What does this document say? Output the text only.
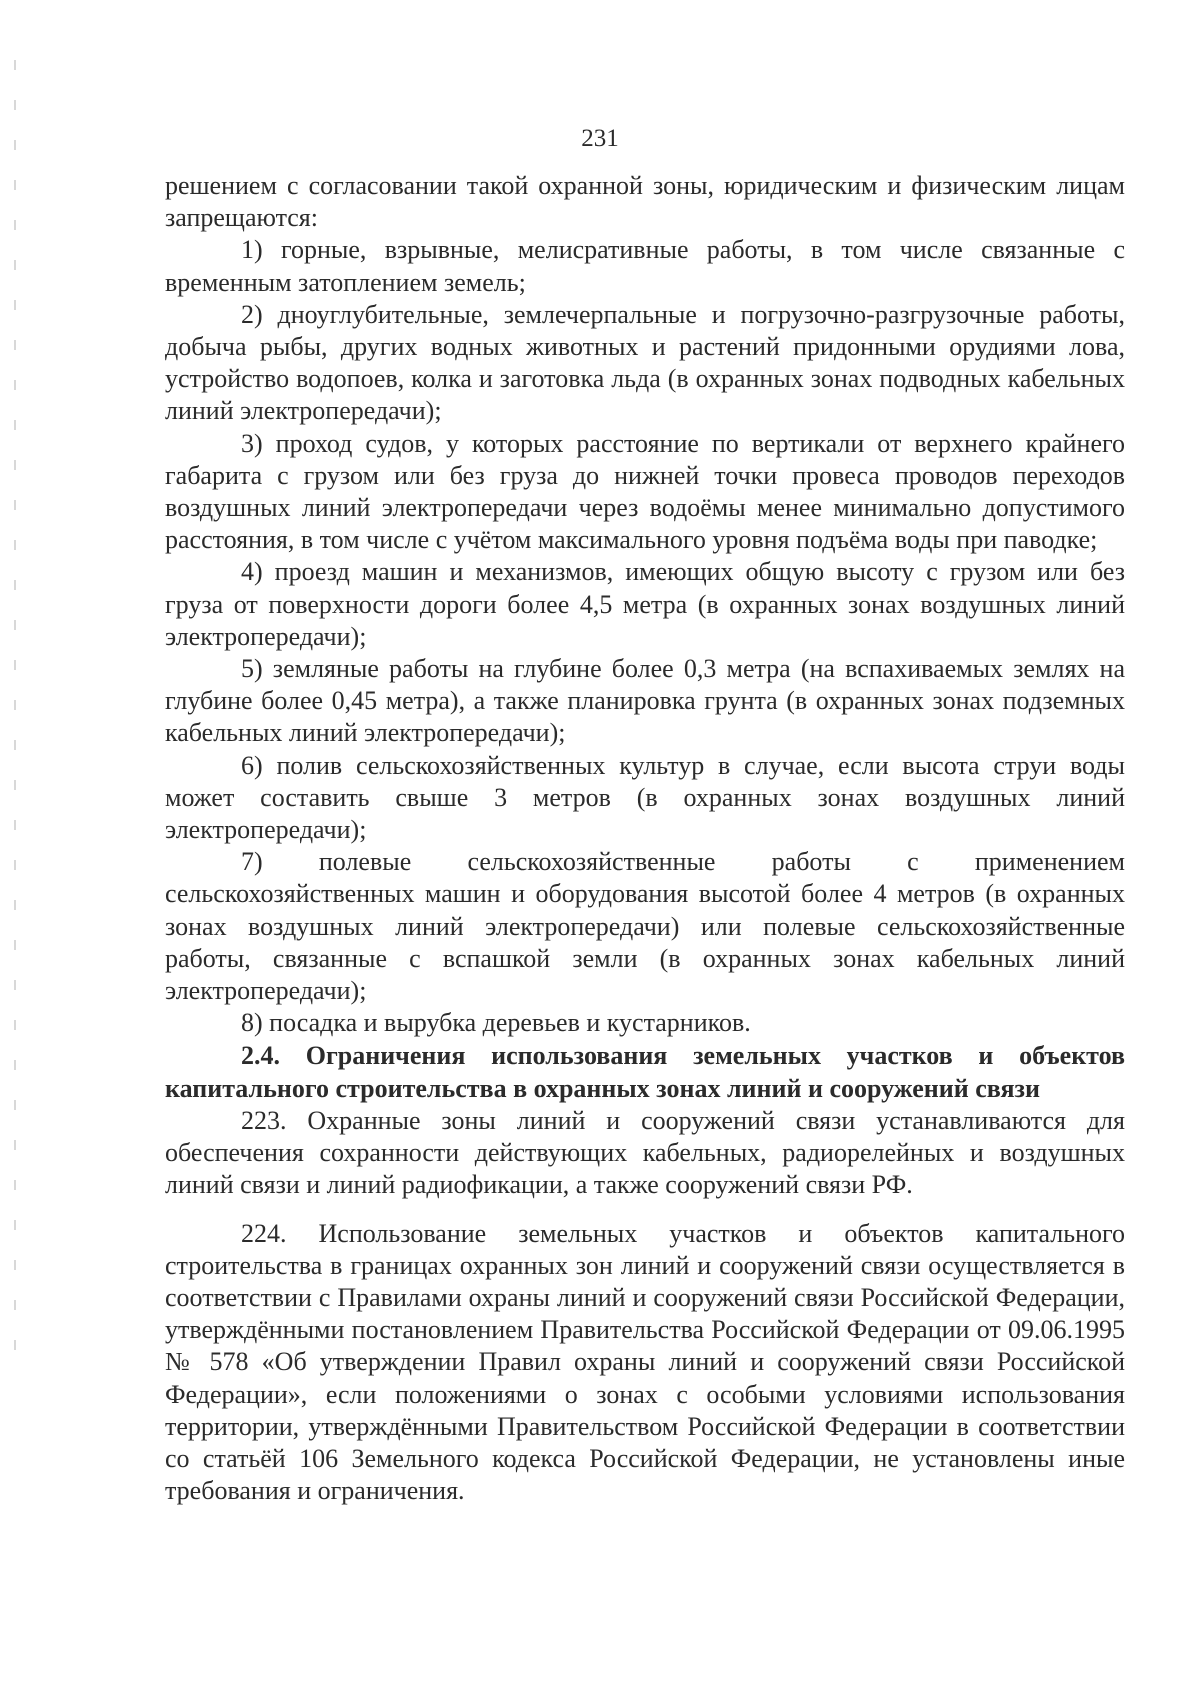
231

решением с согласовании такой охранной зоны, юридическим и физическим лицам запрещаются:

1) горные, взрывные, мелисративные работы, в том числе связанные с временным затоплением земель;

2) дноуглубительные, землечерпальные и погрузочно-разгрузочные работы, добыча рыбы, других водных животных и растений придонными орудиями лова, устройство водопоев, колка и заготовка льда (в охранных зонах подводных кабельных линий электропередачи);

3) проход судов, у которых расстояние по вертикали от верхнего крайнего габарита с грузом или без груза до нижней точки провеса проводов переходов воздушных линий электропередачи через водоёмы менее минимально допустимого расстояния, в том числе с учётом максимального уровня подъёма воды при паводке;

4) проезд машин и механизмов, имеющих общую высоту с грузом или без груза от поверхности дороги более 4,5 метра (в охранных зонах воздушных линий электропередачи);

5) земляные работы на глубине более 0,3 метра (на вспахиваемых землях на глубине более 0,45 метра), а также планировка грунта (в охранных зонах подземных кабельных линий электропередачи);

6) полив сельскохозяйственных культур в случае, если высота струи воды может составить свыше 3 метров (в охранных зонах воздушных линий электропередачи);

7) полевые сельскохозяйственные работы с применением сельскохозяйственных машин и оборудования высотой более 4 метров (в охранных зонах воздушных линий электропередачи) или полевые сельскохозяйственные работы, связанные с вспашкой земли (в охранных зонах кабельных линий электропередачи);

8) посадка и вырубка деревьев и кустарников.

2.4. Ограничения использования земельных участков и объектов капитального строительства в охранных зонах линий и сооружений связи

223. Охранные зоны линий и сооружений связи устанавливаются для обеспечения сохранности действующих кабельных, радиорелейных и воздушных линий связи и линий радиофикации, а также сооружений связи РФ.

224. Использование земельных участков и объектов капитального строительства в границах охранных зон линий и сооружений связи осуществляется в соответствии с Правилами охраны линий и сооружений связи Российской Федерации, утверждёнными постановлением Правительства Российской Федерации от 09.06.1995 № 578 «Об утверждении Правил охраны линий и сооружений связи Российской Федерации», если положениями о зонах с особыми условиями использования территории, утверждёнными Правительством Российской Федерации в соответствии со статьёй 106 Земельного кодекса Российской Федерации, не установлены иные требования и ограничения.
